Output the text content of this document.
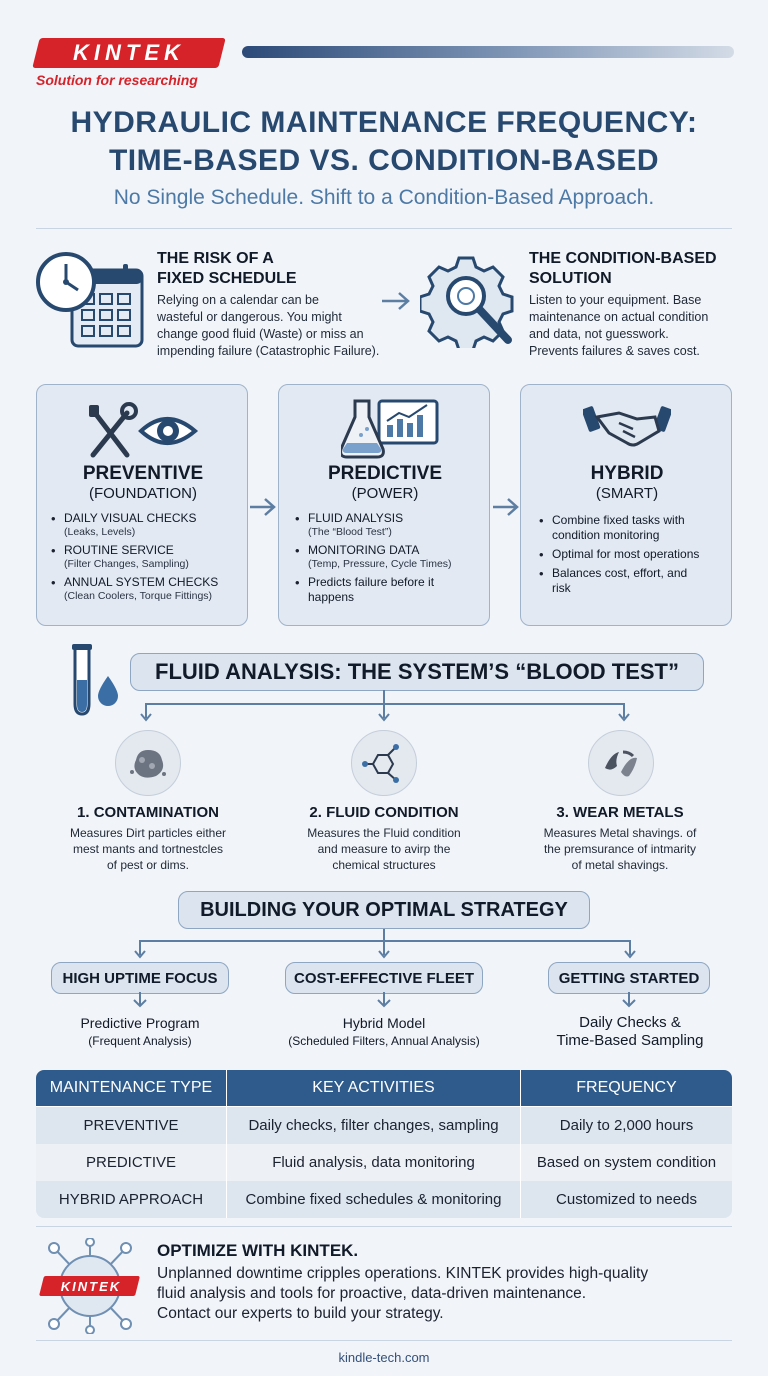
KINTEK
Solution for researching
HYDRAULIC MAINTENANCE FREQUENCY:
TIME-BASED VS. CONDITION-BASED
No Single Schedule. Shift to a Condition-Based Approach.
THE RISK OF A
FIXED SCHEDULE
Relying on a calendar can be
wasteful or dangerous. You might
change good fluid (Waste) or miss an
impending failure (Catastrophic Failure).
THE CONDITION-BASED
SOLUTION
Listen to your equipment. Base
maintenance on actual condition
and data, not guesswork.
Prevents failures & saves cost.
PREVENTIVE
(FOUNDATION)
• DAILY VISUAL CHECKS
(Leaks, Levels)
• ROUTINE SERVICE
(Filter Changes, Sampling)
• ANNUAL SYSTEM CHECKS
(Clean Coolers, Torque Fittings)
PREDICTIVE
(POWER)
• FLUID ANALYSIS
(The “Blood Test”)
• MONITORING DATA
(Temp, Pressure, Cycle Times)
• Predicts failure before it
happens
HYBRID
(SMART)
• Combine fixed tasks with
condition monitoring
• Optimal for most operations
• Balances cost, effort, and
risk
FLUID ANALYSIS: THE SYSTEM’S “BLOOD TEST”
1. CONTAMINATION
Measures Dirt particles either
mest mants and tortnestcles
of pest or dims.
2. FLUID CONDITION
Measures the Fluid condition
and measure to avirp the
chemical structures
3. WEAR METALS
Measures Metal shavings. of
the premsurance of intmarity
of metal shavings.
BUILDING YOUR OPTIMAL STRATEGY
HIGH UPTIME FOCUS	COST-EFFECTIVE FLEET	GETTING STARTED
Predictive Program
(Frequent Analysis)
Hybrid Model
(Scheduled Filters, Annual Analysis)
Daily Checks &
Time-Based Sampling
MAINTENANCE TYPE	KEY ACTIVITIES	FREQUENCY
PREVENTIVE	Daily checks, filter changes, sampling	Daily to 2,000 hours
PREDICTIVE	Fluid analysis, data monitoring	Based on system condition
HYBRID APPROACH	Combine fixed schedules & monitoring	Customized to needs
KINTEK
OPTIMIZE WITH KINTEK.
Unplanned downtime cripples operations. KINTEK provides high-quality
fluid analysis and tools for proactive, data-driven maintenance.
Contact our experts to build your strategy.
kindle-tech.com
